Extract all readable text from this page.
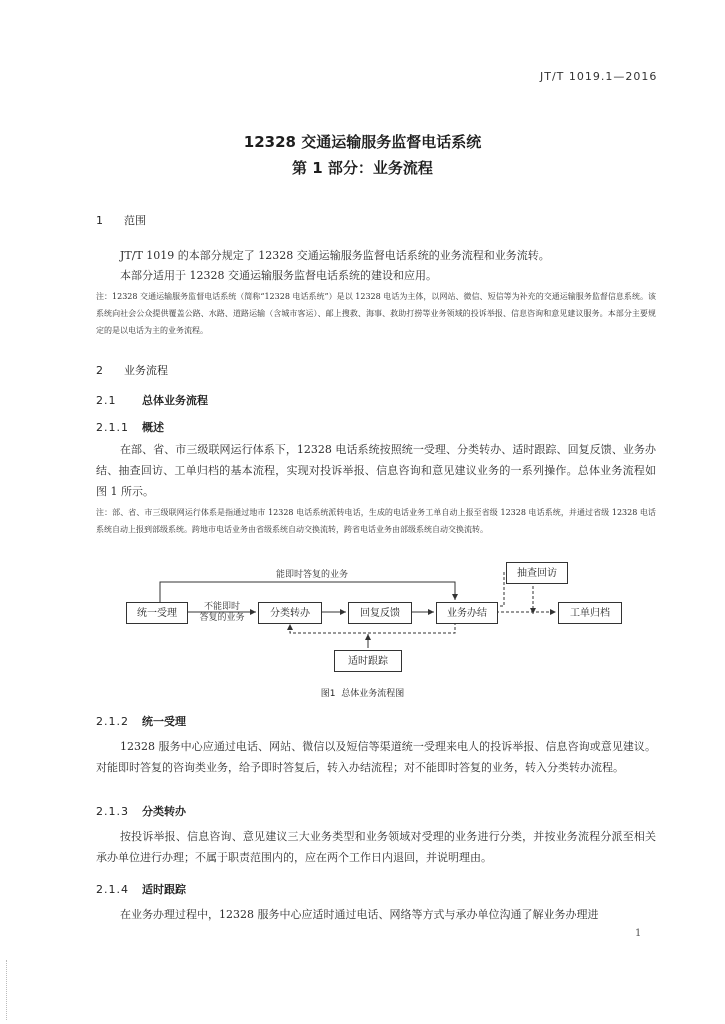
JT/T 1019.1—2016
12328 交通运输服务监督电话系统
第 1 部分：业务流程
1 范围
JT/T 1019 的本部分规定了 12328 交通运输服务监督电话系统的业务流程和业务流转。
本部分适用于 12328 交通运输服务监督电话系统的建设和应用。
注：12328 交通运输服务监督电话系统（简称“12328 电话系统”）是以 12328 电话为主体，以网站、微信、短信等为补充的交通运输服务监督信息系统。该系统向社会公众提供覆盖公路、水路、道路运输（含城市客运）、邮上搜救、海事、救助打捞等业务领域的投诉举报、信息咨询和意见建议服务。本部分主要规定的是以电话为主的业务流程。
2 业务流程
2.1 总体业务流程
2.1.1 概述
在部、省、市三级联网运行体系下，12328 电话系统按照统一受理、分类转办、适时跟踪、回复反馈、业务办结、抽查回访、工单归档的基本流程，实现对投诉举报、信息咨询和意见建议业务的一系列操作。总体业务流程如图 1 所示。
注：部、省、市三级联网运行体系是指通过地市 12328 电话系统派转电话，生成的电话业务工单自动上报至省级 12328 电话系统，并通过省级 12328 电话系统自动上报到部级系统。跨地市电话业务由省级系统自动交换流转，跨省电话业务由部级系统自动交换流转。
能即时答复的业务
不能即时
答复的业务
统一受理	分类转办	回复反馈	业务办结
抽查回访
工单归档
适时跟踪
图1 总体业务流程图
2.1.2 统一受理
12328 服务中心应通过电话、网站、微信以及短信等渠道统一受理来电人的投诉举报、信息咨询或意见建议。对能即时答复的咨询类业务，给予即时答复后，转入办结流程；对不能即时答复的业务，转入分类转办流程。
2.1.3 分类转办
按投诉举报、信息咨询、意见建议三大业务类型和业务领域对受理的业务进行分类，并按业务流程分派至相关承办单位进行办理；不属于职责范围内的，应在两个工作日内退回，并说明理由。
2.1.4 适时跟踪
在业务办理过程中，12328 服务中心应适时通过电话、网络等方式与承办单位沟通了解业务办理进
1
